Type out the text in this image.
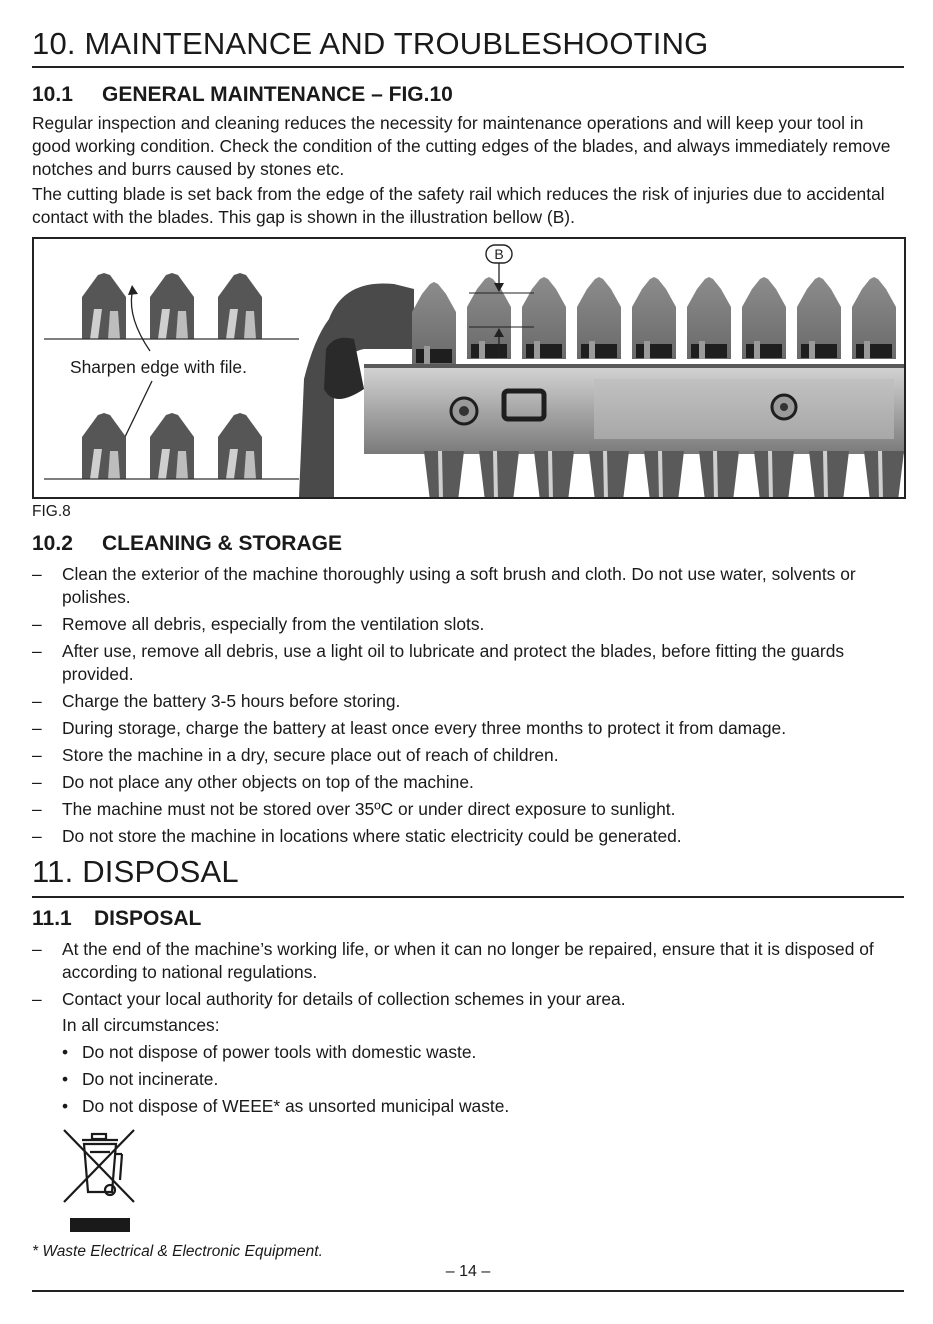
10. MAINTENANCE AND TROUBLESHOOTING
10.1 GENERAL MAINTENANCE – FIG.10

Regular inspection and cleaning reduces the necessity for maintenance operations and will keep your tool in good working condition. Check the condition of the cutting edges of the blades, and always immediately remove notches and burrs caused by stones etc.

The cutting blade is set back from the edge of the safety rail which reduces the risk of injuries due to accidental contact with the blades. This gap is shown in the illustration bellow (B).

Sharpen edge with file.
B
FIG.8
10.2 CLEANING & STORAGE
– Clean the exterior of the machine thoroughly using a soft brush and cloth. Do not use water, solvents or polishes.
– Remove all debris, especially from the ventilation slots.
– After use, remove all debris, use a light oil to lubricate and protect the blades, before fitting the guards provided.
– Charge the battery 3-5 hours before storing.
– During storage, charge the battery at least once every three months to protect it from damage.
– Store the machine in a dry, secure place out of reach of children.
– Do not place any other objects on top of the machine.
– The machine must not be stored over 35ºC or under direct exposure to sunlight.
– Do not store the machine in locations where static electricity could be generated.
11. DISPOSAL
11.1 DISPOSAL
– At the end of the machine’s working life, or when it can no longer be repaired, ensure that it is disposed of according to national regulations.
– Contact your local authority for details of collection schemes in your area.

In all circumstances:

• Do not dispose of power tools with domestic waste.
• Do not incinerate.
• Do not dispose of WEEE* as unsorted municipal waste.
* Waste Electrical & Electronic Equipment.
– 14 –
